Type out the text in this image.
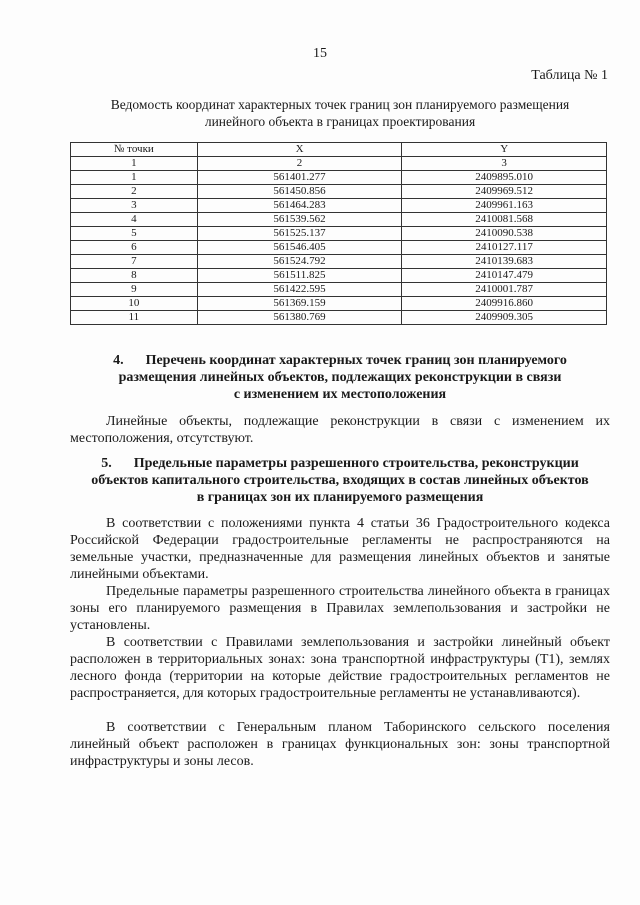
15
Таблица № 1
Ведомость координат характерных точек границ зон планируемого размещения
линейного объекта в границах проектирования
№ точки	X	Y
1	2	3
1	561401.277	2409895.010
2	561450.856	2409969.512
3	561464.283	2409961.163
4	561539.562	2410081.568
5	561525.137	2410090.538
6	561546.405	2410127.117
7	561524.792	2410139.683
8	561511.825	2410147.479
9	561422.595	2410001.787
10	561369.159	2409916.860
11	561380.769	2409909.305
4. Перечень координат характерных точек границ зон планируемого
размещения линейных объектов, подлежащих реконструкции в связи
с изменением их местоположения

Линейные объекты, подлежащие реконструкции в связи с изменением их местоположения, отсутствуют.

5. Предельные параметры разрешенного строительства, реконструкции
объектов капитального строительства, входящих в состав линейных объектов
в границах зон их планируемого размещения

В соответствии с положениями пункта 4 статьи 36 Градостроительного кодекса Российской Федерации градостроительные регламенты не распространяются на земельные участки, предназначенные для размещения линейных объектов и занятые линейными объектами.

Предельные параметры разрешенного строительства линейного объекта в границах зоны его планируемого размещения в Правилах землепользования и застройки не установлены.

В соответствии с Правилами землепользования и застройки линейный объект расположен в территориальных зонах: зона транспортной инфраструктуры (Т1), землях лесного фонда (территории на которые действие градостроительных регламентов не распространяется, для которых градостроительные регламенты не устанавливаются).

В соответствии с Генеральным планом Таборинского сельского поселения линейный объект расположен в границах функциональных зон: зоны транспортной инфраструктуры и зоны лесов.
